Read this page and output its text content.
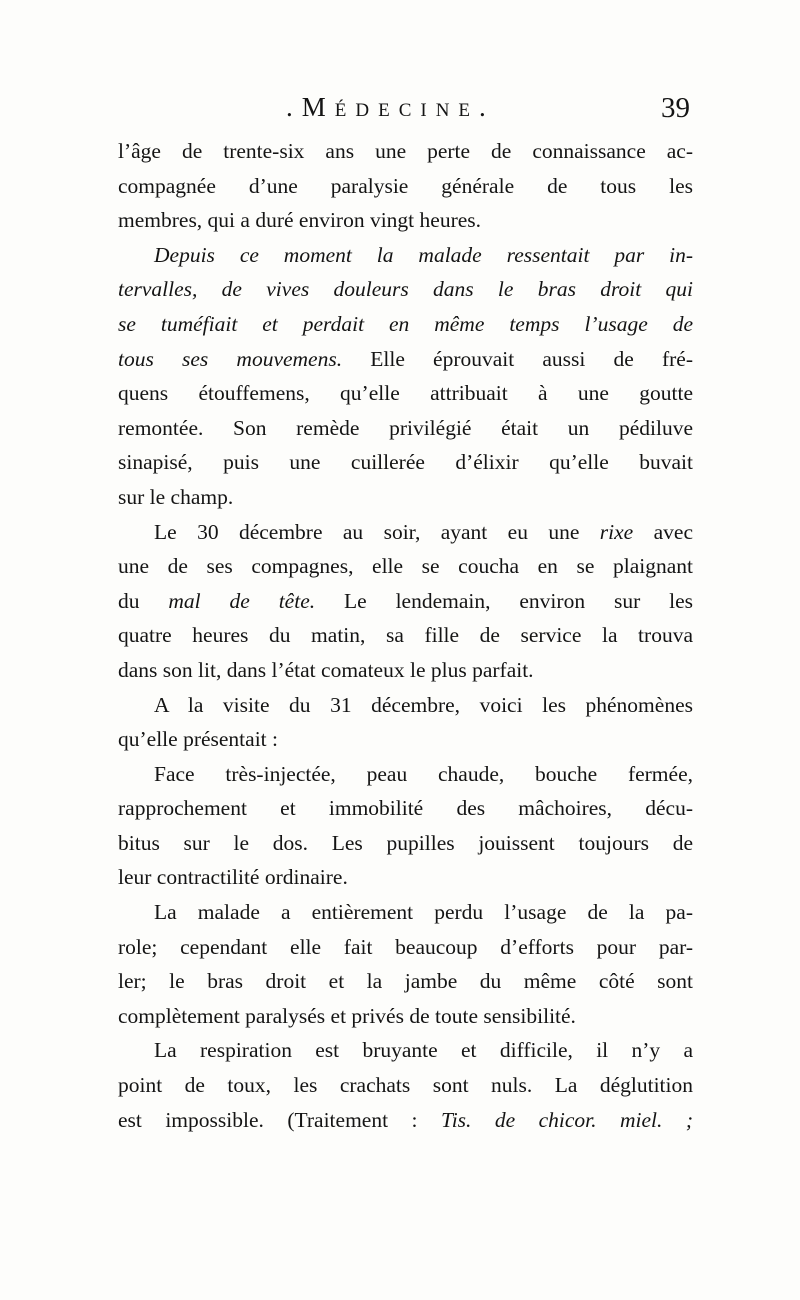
.Médecine.	39
l’âge de trente-six ans une perte de connaissance ac-
compagnée d’une paralysie générale de tous les
membres, qui a duré environ vingt heures.
Depuis ce moment la malade ressentait par in-
tervalles, de vives douleurs dans le bras droit qui
se tuméfiait et perdait en même temps l’usage de
tous ses mouvemens. Elle éprouvait aussi de fré-
quens étouffemens, qu’elle attribuait à une goutte
remontée. Son remède privilégié était un pédiluve
sinapisé, puis une cuillerée d’élixir qu’elle buvait
sur le champ.
Le 30 décembre au soir, ayant eu une rixe avec
une de ses compagnes, elle se coucha en se plaignant
du mal de tête. Le lendemain, environ sur les
quatre heures du matin, sa fille de service la trouva
dans son lit, dans l’état comateux le plus parfait.
A la visite du 31 décembre, voici les phénomènes
qu’elle présentait :
Face très-injectée, peau chaude, bouche fermée,
rapprochement et immobilité des mâchoires, décu-
bitus sur le dos. Les pupilles jouissent toujours de
leur contractilité ordinaire.
La malade a entièrement perdu l’usage de la pa-
role; cependant elle fait beaucoup d’efforts pour par-
ler; le bras droit et la jambe du même côté sont
complètement paralysés et privés de toute sensibilité.
La respiration est bruyante et difficile, il n’y a
point de toux, les crachats sont nuls. La déglutition
est impossible. (Traitement : Tis. de chicor. miel. ;
